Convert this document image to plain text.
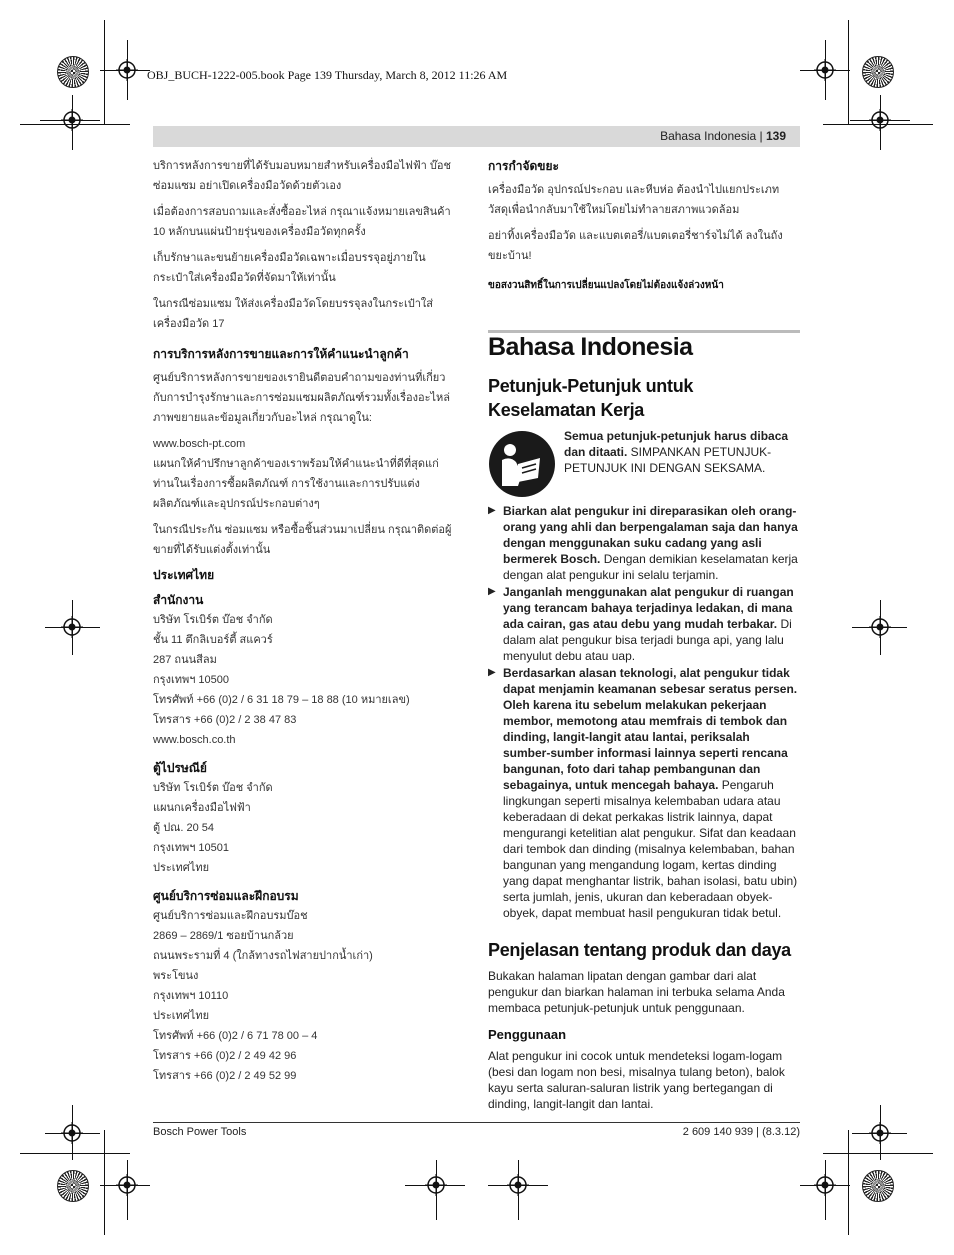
OBJ_BUCH-1222-005.book Page 139 Thursday, March 8, 2012 11:26 AM
Bahasa Indonesia | 139

บริการหลังการขายที่ได้รับมอบหมายสำหรับเครื่องมือไฟฟ้า บ๊อช ซ่อมแซม อย่าเปิดเครื่องมือวัดด้วยตัวเอง

เมื่อต้องการสอบถามและสั่งซื้ออะไหล่ กรุณาแจ้งหมายเลขสินค้า 10 หลักบนแผ่นป้ายรุ่นของเครื่องมือวัดทุกครั้ง

เก็บรักษาและขนย้ายเครื่องมือวัดเฉพาะเมื่อบรรจุอยู่ภายในกระเป๋าใส่เครื่องมือวัดที่จัดมาให้เท่านั้น

ในกรณีซ่อมแซม ให้ส่งเครื่องมือวัดโดยบรรจุลงในกระเป๋าใส่เครื่องมือวัด 17

การบริการหลังการขายและการให้คำแนะนำลูกค้า

ศูนย์บริการหลังการขายของเรายินดีตอบคำถามของท่านที่เกี่ยวกับการบำรุงรักษาและการซ่อมแซมผลิตภัณฑ์รวมทั้งเรื่องอะไหล่ ภาพขยายและข้อมูลเกี่ยวกับอะไหล่ กรุณาดูใน:

www.bosch-pt.com

แผนกให้คำปรึกษาลูกค้าของเราพร้อมให้คำแนะนำที่ดีที่สุดแก่ท่านในเรื่องการซื้อผลิตภัณฑ์ การใช้งานและการปรับแต่งผลิตภัณฑ์และอุปกรณ์ประกอบต่างๆ

ในกรณีประกัน ซ่อมแซม หรือซื้อชิ้นส่วนมาเปลี่ยน กรุณาติดต่อผู้ขายที่ได้รับแต่งตั้งเท่านั้น

ประเทศไทย
สำนักงาน
บริษัท โรเบิร์ต บ๊อช จำกัด
ชั้น 11 ตึกลิเบอร์ตี้ สแควร์
287 ถนนสีลม
กรุงเทพฯ 10500
โทรศัพท์ +66 (0)2 / 6 31 18 79 – 18 88 (10 หมายเลข)
โทรสาร +66 (0)2 / 2 38 47 83
www.bosch.co.th
ตู้ไปรษณีย์
บริษัท โรเบิร์ต บ๊อช จำกัด
แผนกเครื่องมือไฟฟ้า
ตู้ ปณ. 20 54
กรุงเทพฯ 10501
ประเทศไทย
ศูนย์บริการซ่อมและฝึกอบรม
ศูนย์บริการซ่อมและฝึกอบรมบ๊อช
2869 – 2869/1 ซอยบ้านกล้วย
ถนนพระรามที่ 4 (ใกล้ทางรถไฟสายปากน้ำเก่า)
พระโขนง
กรุงเทพฯ 10110
ประเทศไทย
โทรศัพท์ +66 (0)2 / 6 71 78 00 – 4
โทรสาร +66 (0)2 / 2 49 42 96
โทรสาร +66 (0)2 / 2 49 52 99

การกำจัดขยะ

เครื่องมือวัด อุปกรณ์ประกอบ และหีบห่อ ต้องนำไปแยกประเภทวัสดุเพื่อนำกลับมาใช้ใหม่โดยไม่ทำลายสภาพแวดล้อม

อย่าทิ้งเครื่องมือวัด และแบตเตอรี่/แบตเตอรี่ชาร์จไม่ได้ ลงในถังขยะบ้าน!

ขอสงวนสิทธิ์ในการเปลี่ยนแปลงโดยไม่ต้องแจ้งล่วงหน้า

Bahasa Indonesia
Petunjuk-Petunjuk untuk
Keselamatan Kerja
Semua petunjuk-petunjuk harus dibaca dan ditaati. SIMPANKAN PETUNJUK-PETUNJUK INI DENGAN SEKSAMA.
▶ Biarkan alat pengukur ini direparasikan oleh orang-orang yang ahli dan berpengalaman saja dan hanya dengan menggunakan suku cadang yang asli bermerek Bosch. Dengan demikian keselamatan kerja dengan alat pengukur ini selalu terjamin.
▶ Janganlah menggunakan alat pengukur di ruangan yang terancam bahaya terjadinya ledakan, di mana ada cairan, gas atau debu yang mudah terbakar. Di dalam alat pengukur bisa terjadi bunga api, yang lalu menyulut debu atau uap.
▶ Berdasarkan alasan teknologi, alat pengukur tidak dapat menjamin keamanan sebesar seratus persen. Oleh karena itu sebelum melakukan pekerjaan membor, memotong atau memfrais di tembok dan dinding, langit-langit atau lantai, periksalah sumber-sumber informasi lainnya seperti rencana bangunan, foto dari tahap pembangunan dan sebagainya, untuk mencegah bahaya. Pengaruh lingkungan seperti misalnya kelembaban udara atau keberadaan di dekat perkakas listrik lainnya, dapat mengurangi ketelitian alat pengukur. Sifat dan keadaan dari tembok dan dinding (misalnya kelembaban, bahan bangunan yang mengandung logam, kertas dinding yang dapat menghantar listrik, bahan isolasi, batu ubin) serta jumlah, jenis, ukuran dan keberadaan obyek-obyek, dapat membuat hasil pengukuran tidak betul.
Penjelasan tentang produk dan daya
Bukakan halaman lipatan dengan gambar dari alat pengukur dan biarkan halaman ini terbuka selama Anda membaca petunjuk-petunjuk untuk penggunaan.
Penggunaan
Alat pengukur ini cocok untuk mendeteksi logam-logam (besi dan logam non besi, misalnya tulang beton), balok kayu serta saluran-saluran listrik yang bertegangan di dinding, langit-langit dan lantai.
Bosch Power Tools	2 609 140 939 | (8.3.12)
